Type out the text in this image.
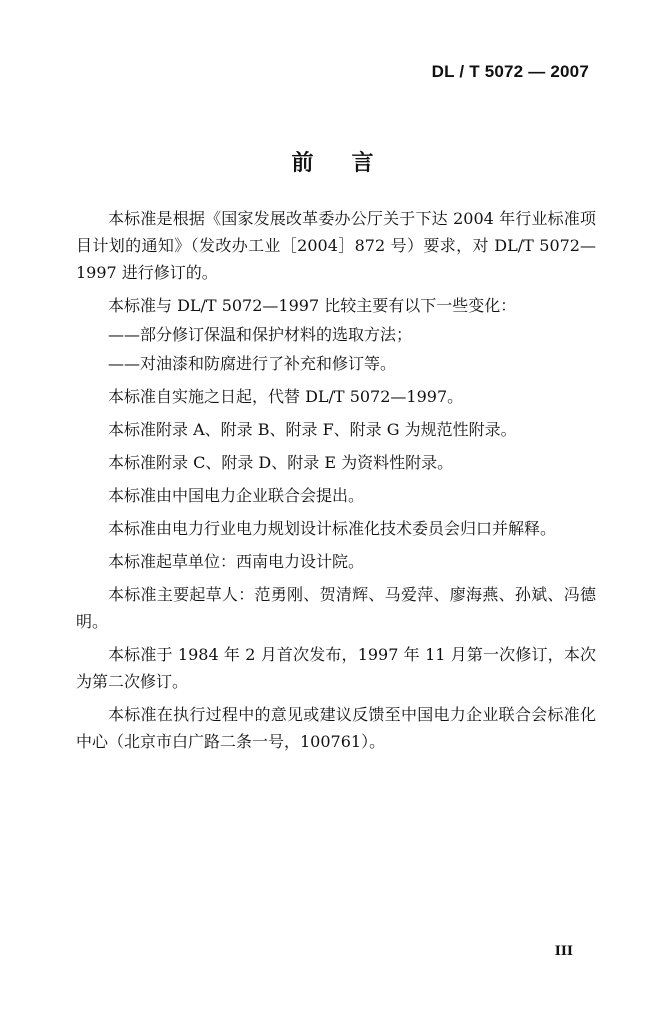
DL / T 5072 — 2007
前言

本标准是根据《国家发展改革委办公厅关于下达 2004 年行业标准项目计划的通知》（发改办工业［2004］872 号）要求，对 DL/T 5072—1997 进行修订的。

本标准与 DL/T 5072—1997 比较主要有以下一些变化：

——部分修订保温和保护材料的选取方法；

——对油漆和防腐进行了补充和修订等。

本标准自实施之日起，代替 DL/T 5072—1997。

本标准附录 A、附录 B、附录 F、附录 G 为规范性附录。

本标准附录 C、附录 D、附录 E 为资料性附录。

本标准由中国电力企业联合会提出。

本标准由电力行业电力规划设计标准化技术委员会归口并解释。

本标准起草单位：西南电力设计院。

本标准主要起草人：范勇刚、贺清辉、马爱萍、廖海燕、孙斌、冯德明。

本标准于 1984 年 2 月首次发布，1997 年 11 月第一次修订，本次为第二次修订。

本标准在执行过程中的意见或建议反馈至中国电力企业联合会标准化中心（北京市白广路二条一号，100761）。

III
